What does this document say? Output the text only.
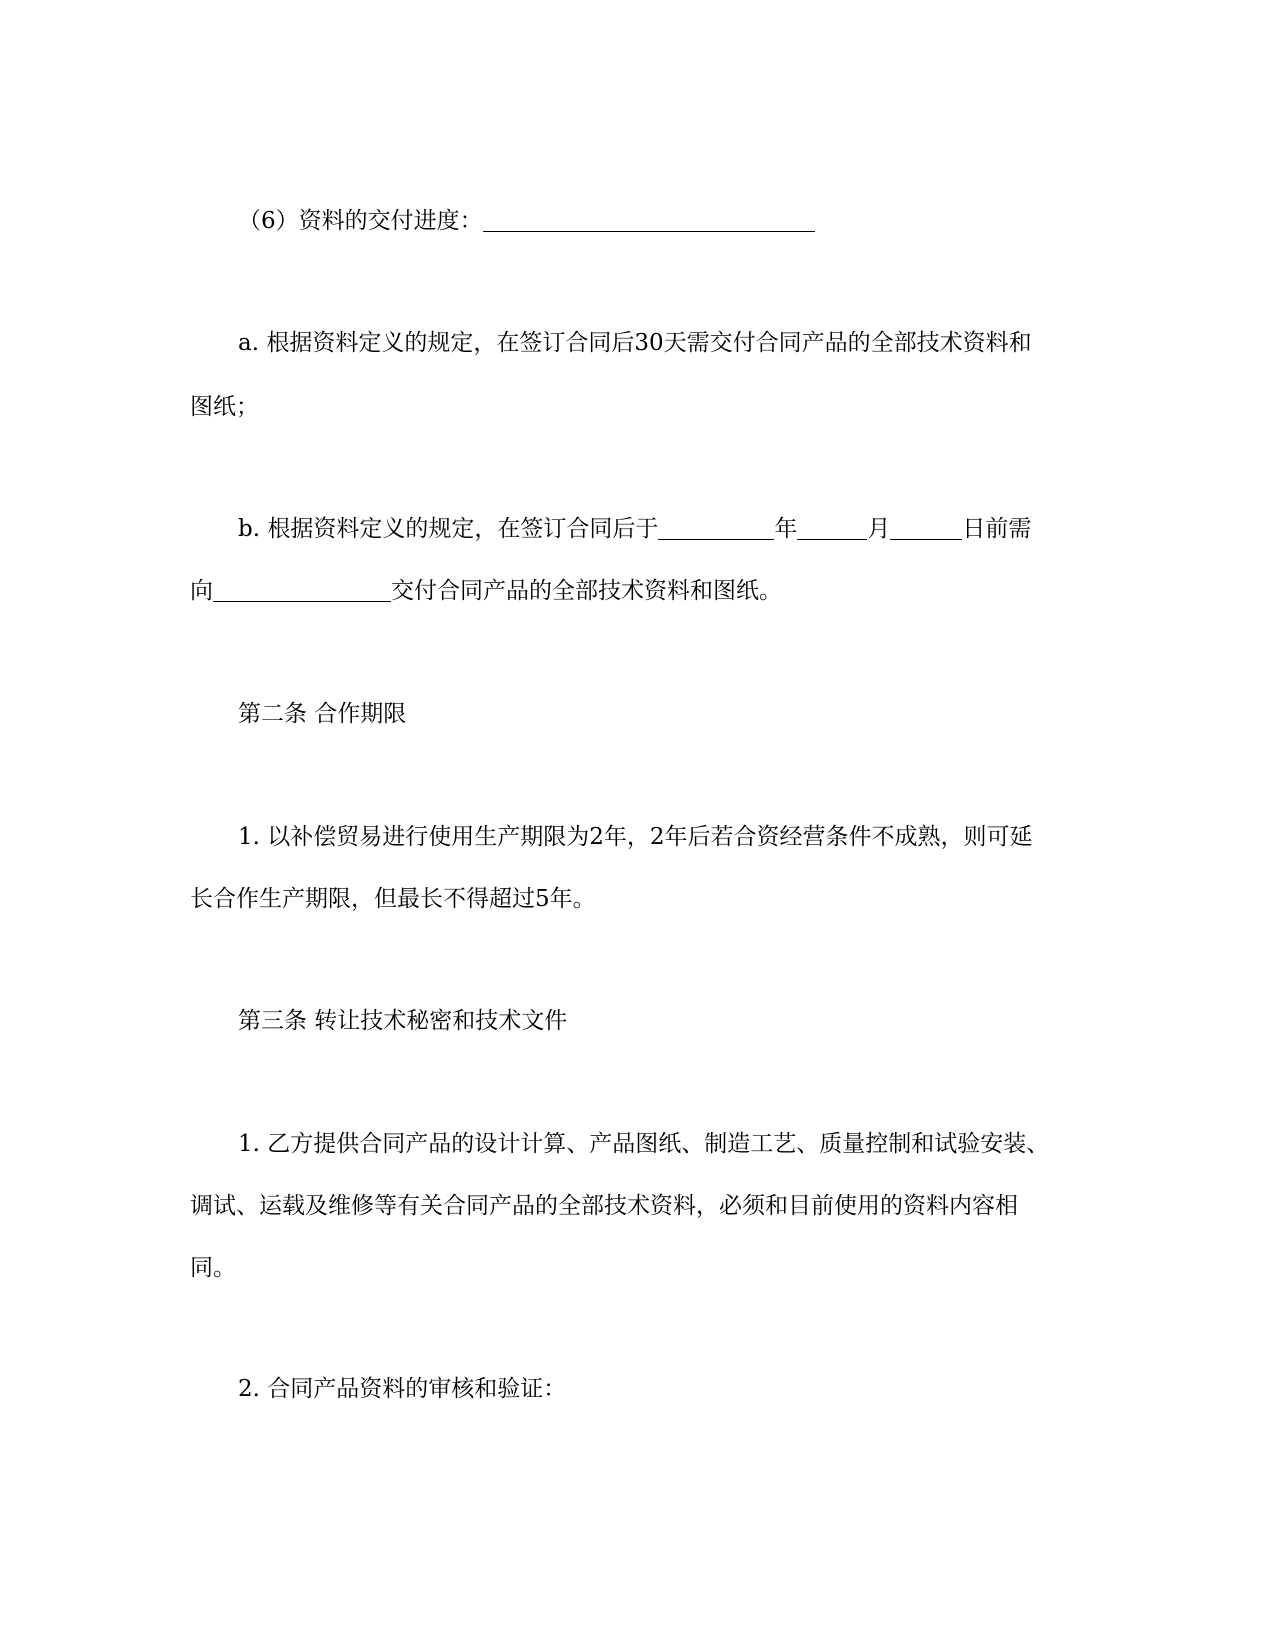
（6）资料的交付进度：
a. 根据资料定义的规定，在签订合同后30天需交付合同产品的全部技术资料和
图纸；
b. 根据资料定义的规定，在签订合同后于	年	月	日前需
向	交付合同产品的全部技术资料和图纸。
第二条 合作期限
1. 以补偿贸易进行使用生产期限为2年，2年后若合资经营条件不成熟，则可延
长合作生产期限，但最长不得超过5年。
第三条 转让技术秘密和技术文件
1. 乙方提供合同产品的设计计算、产品图纸、制造工艺、质量控制和试验安装、
调试、运载及维修等有关合同产品的全部技术资料，必须和目前使用的资料内容相
同。
2. 合同产品资料的审核和验证：
